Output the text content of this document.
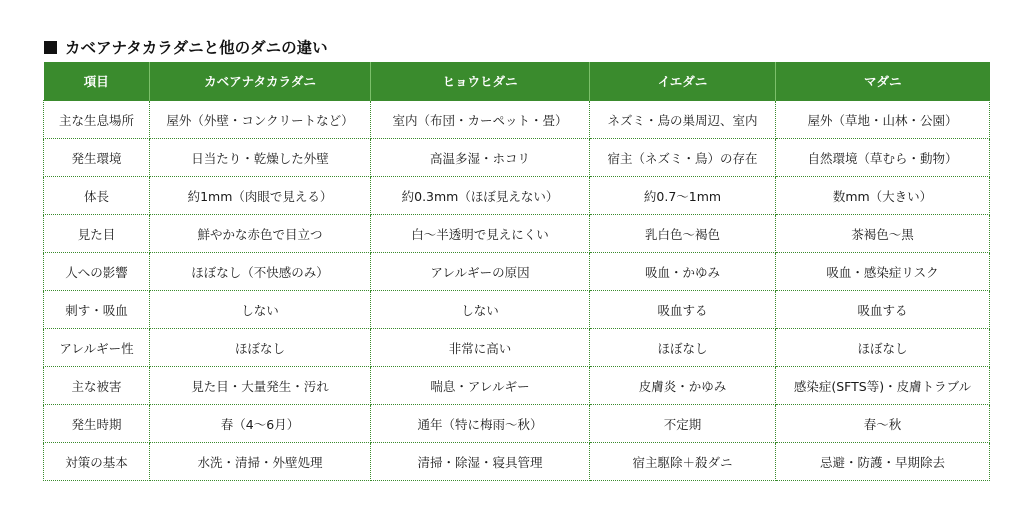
カベアナタカラダニと他のダニの違い
項目	カベアナタカラダニ	ヒョウヒダニ	イエダニ	マダニ
主な生息場所	屋外（外壁・コンクリートなど）	室内（布団・カーペット・畳）	ネズミ・鳥の巣周辺、室内	屋外（草地・山林・公園）
発生環境	日当たり・乾燥した外壁	高温多湿・ホコリ	宿主（ネズミ・鳥）の存在	自然環境（草むら・動物）
体長	約1mm（肉眼で見える）	約0.3mm（ほぼ見えない）	約0.7〜1mm	数mm（大きい）
見た目	鮮やかな赤色で目立つ	白〜半透明で見えにくい	乳白色〜褐色	茶褐色〜黒
人への影響	ほぼなし（不快感のみ）	アレルギーの原因	吸血・かゆみ	吸血・感染症リスク
刺す・吸血	しない	しない	吸血する	吸血する
アレルギー性	ほぼなし	非常に高い	ほぼなし	ほぼなし
主な被害	見た目・大量発生・汚れ	喘息・アレルギー	皮膚炎・かゆみ	感染症(SFTS等)・皮膚トラブル
発生時期	春（4〜6月）	通年（特に梅雨〜秋）	不定期	春〜秋
対策の基本	水洗・清掃・外壁処理	清掃・除湿・寝具管理	宿主駆除＋殺ダニ	忌避・防護・早期除去
